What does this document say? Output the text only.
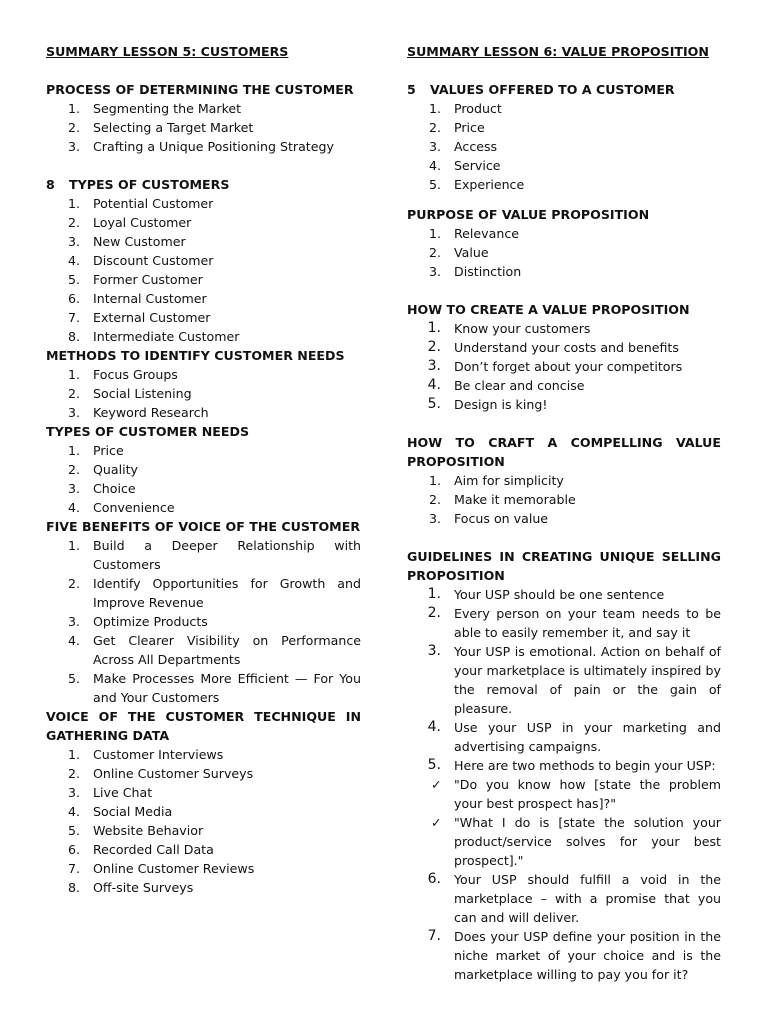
SUMMARY LESSON 5: CUSTOMERS
PROCESS OF DETERMINING THE CUSTOMER
1. Segmenting the Market
2. Selecting a Target Market
3. Crafting a Unique Positioning Strategy
8 TYPES OF CUSTOMERS
1. Potential Customer
2. Loyal Customer
3. New Customer
4. Discount Customer
5. Former Customer
6. Internal Customer
7. External Customer
8. Intermediate Customer
METHODS TO IDENTIFY CUSTOMER NEEDS
1. Focus Groups
2. Social Listening
3. Keyword Research
TYPES OF CUSTOMER NEEDS
1. Price
2. Quality
3. Choice
4. Convenience
FIVE BENEFITS OF VOICE OF THE CUSTOMER
1. Build a Deeper Relationship with Customers
2. Identify Opportunities for Growth and Improve Revenue
3. Optimize Products
4. Get Clearer Visibility on Performance Across All Departments
5. Make Processes More Efficient — For You and Your Customers
VOICE OF THE CUSTOMER TECHNIQUE IN GATHERING DATA
1. Customer Interviews
2. Online Customer Surveys
3. Live Chat
4. Social Media
5. Website Behavior
6. Recorded Call Data
7. Online Customer Reviews
8. Off-site Surveys
SUMMARY LESSON 6: VALUE PROPOSITION
5 VALUES OFFERED TO A CUSTOMER
1. Product
2. Price
3. Access
4. Service
5. Experience
PURPOSE OF VALUE PROPOSITION
1. Relevance
2. Value
3. Distinction
HOW TO CREATE A VALUE PROPOSITION
1. Know your customers
2. Understand your costs and benefits
3. Don’t forget about your competitors
4. Be clear and concise
5. Design is king!
HOW TO CRAFT A COMPELLING VALUE PROPOSITION
1. Aim for simplicity
2. Make it memorable
3. Focus on value
GUIDELINES IN CREATING UNIQUE SELLING PROPOSITION
1. Your USP should be one sentence
2. Every person on your team needs to be able to easily remember it, and say it
3. Your USP is emotional. Action on behalf of your marketplace is ultimately inspired by the removal of pain or the gain of pleasure.
4. Use your USP in your marketing and advertising campaigns.
5. Here are two methods to begin your USP:
✓ "Do you know how [state the problem your best prospect has]?"
✓ "What I do is [state the solution your product/service solves for your best prospect]."
6. Your USP should fulfill a void in the marketplace – with a promise that you can and will deliver.
7. Does your USP define your position in the niche market of your choice and is the marketplace willing to pay you for it?
